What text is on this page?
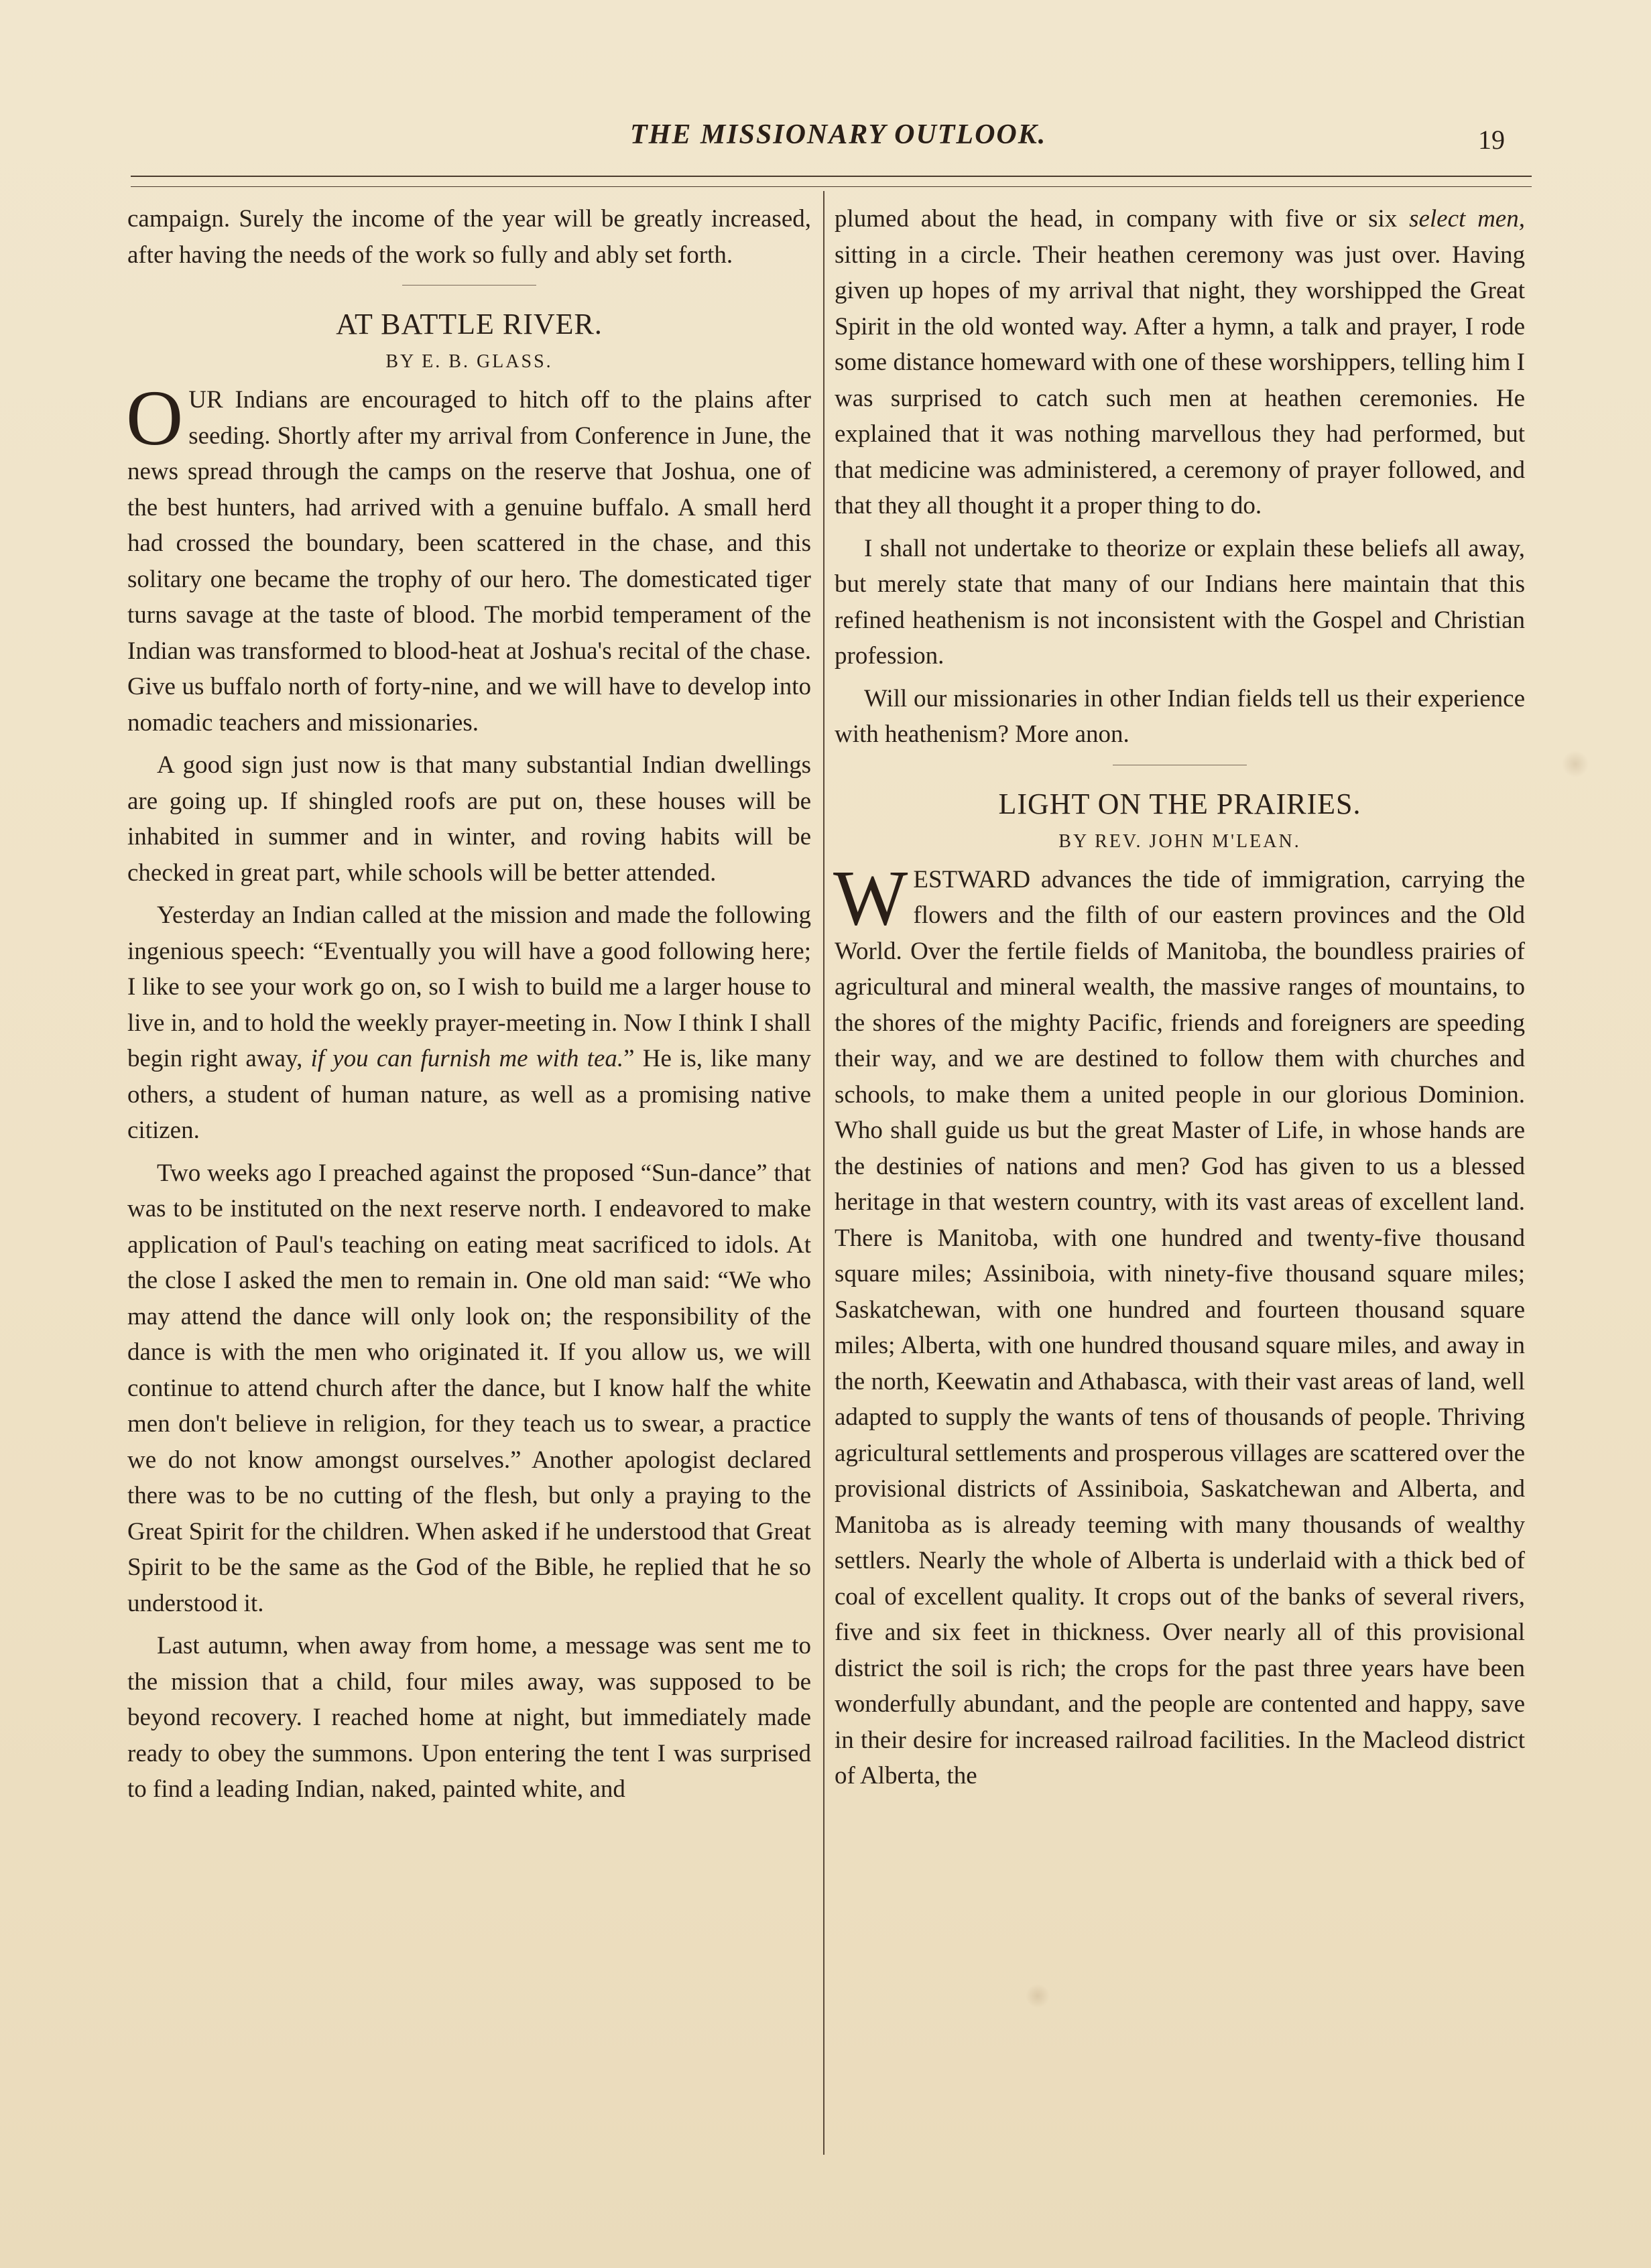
THE MISSIONARY OUTLOOK.	19

campaign. Surely the income of the year will be greatly increased, after having the needs of the work so fully and ably set forth.

AT BATTLE RIVER.
BY E. B. GLASS.

OUR Indians are encouraged to hitch off to the plains after seeding. Shortly after my arrival from Conference in June, the news spread through the camps on the reserve that Joshua, one of the best hunters, had arrived with a genuine buffalo. A small herd had crossed the boundary, been scattered in the chase, and this solitary one became the trophy of our hero. The domesticated tiger turns savage at the taste of blood. The morbid temperament of the Indian was transformed to blood-heat at Joshua's recital of the chase. Give us buffalo north of forty-nine, and we will have to develop into nomadic teachers and missionaries.

A good sign just now is that many substantial Indian dwellings are going up. If shingled roofs are put on, these houses will be inhabited in summer and in winter, and roving habits will be checked in great part, while schools will be better attended.

Yesterday an Indian called at the mission and made the following ingenious speech: “Eventually you will have a good following here; I like to see your work go on, so I wish to build me a larger house to live in, and to hold the weekly prayer-meeting in. Now I think I shall begin right away, if you can furnish me with tea.” He is, like many others, a student of human nature, as well as a promising native citizen.

Two weeks ago I preached against the proposed “Sun-dance” that was to be instituted on the next reserve north. I endeavored to make application of Paul's teaching on eating meat sacrificed to idols. At the close I asked the men to remain in. One old man said: “We who may attend the dance will only look on; the responsibility of the dance is with the men who originated it. If you allow us, we will continue to attend church after the dance, but I know half the white men don't believe in religion, for they teach us to swear, a practice we do not know amongst ourselves.” Another apologist declared there was to be no cutting of the flesh, but only a praying to the Great Spirit for the children. When asked if he understood that Great Spirit to be the same as the God of the Bible, he replied that he so understood it.

Last autumn, when away from home, a message was sent me to the mission that a child, four miles away, was supposed to be beyond recovery. I reached home at night, but immediately made ready to obey the summons. Upon entering the tent I was surprised to find a leading Indian, naked, painted white, and

plumed about the head, in company with five or six select men, sitting in a circle. Their heathen ceremony was just over. Having given up hopes of my arrival that night, they worshipped the Great Spirit in the old wonted way. After a hymn, a talk and prayer, I rode some distance homeward with one of these worshippers, telling him I was surprised to catch such men at heathen ceremonies. He explained that it was nothing marvellous they had performed, but that medicine was administered, a ceremony of prayer followed, and that they all thought it a proper thing to do.

I shall not undertake to theorize or explain these beliefs all away, but merely state that many of our Indians here maintain that this refined heathenism is not inconsistent with the Gospel and Christian profession.

Will our missionaries in other Indian fields tell us their experience with heathenism? More anon.

LIGHT ON THE PRAIRIES.
BY REV. JOHN M'LEAN.

WESTWARD advances the tide of immigration, carrying the flowers and the filth of our eastern provinces and the Old World. Over the fertile fields of Manitoba, the boundless prairies of agricultural and mineral wealth, the massive ranges of mountains, to the shores of the mighty Pacific, friends and foreigners are speeding their way, and we are destined to follow them with churches and schools, to make them a united people in our glorious Dominion. Who shall guide us but the great Master of Life, in whose hands are the destinies of nations and men? God has given to us a blessed heritage in that western country, with its vast areas of excellent land. There is Manitoba, with one hundred and twenty-five thousand square miles; Assiniboia, with ninety-five thousand square miles; Saskatchewan, with one hundred and fourteen thousand square miles; Alberta, with one hundred thousand square miles, and away in the north, Keewatin and Athabasca, with their vast areas of land, well adapted to supply the wants of tens of thousands of people. Thriving agricultural settlements and prosperous villages are scattered over the provisional districts of Assiniboia, Saskatchewan and Alberta, and Manitoba as is already teeming with many thousands of wealthy settlers. Nearly the whole of Alberta is underlaid with a thick bed of coal of excellent quality. It crops out of the banks of several rivers, five and six feet in thickness. Over nearly all of this provisional district the soil is rich; the crops for the past three years have been wonderfully abundant, and the people are contented and happy, save in their desire for increased railroad facilities. In the Macleod district of Alberta, the
